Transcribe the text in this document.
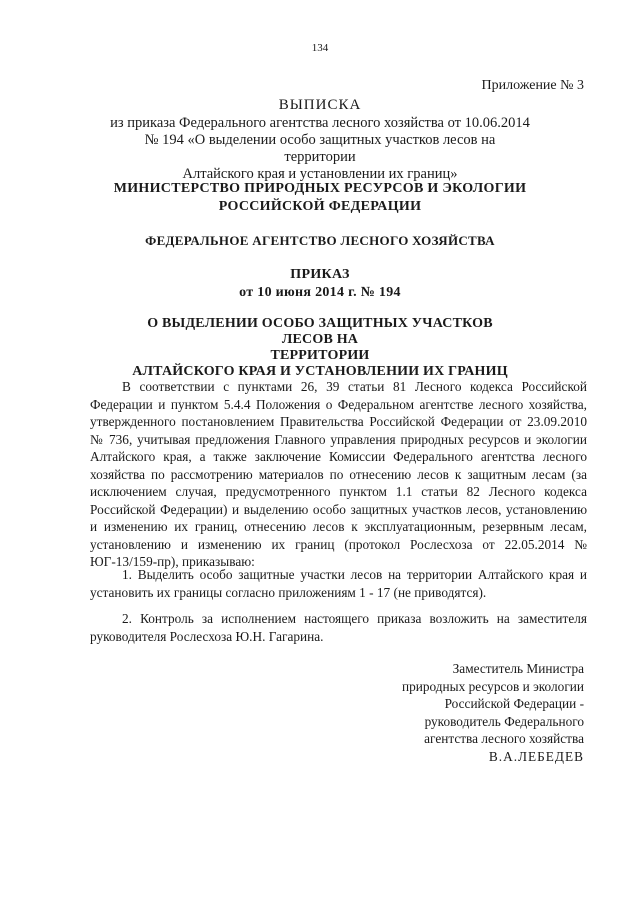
134
Приложение № 3
ВЫПИСКА
из приказа Федерального агентства лесного хозяйства от 10.06.2014
№ 194 «О выделении особо защитных участков лесов на территории
Алтайского края и установлении их границ»
МИНИСТЕРСТВО ПРИРОДНЫХ РЕСУРСОВ И ЭКОЛОГИИ
РОССИЙСКОЙ ФЕДЕРАЦИИ
ФЕДЕРАЛЬНОЕ АГЕНТСТВО ЛЕСНОГО ХОЗЯЙСТВА
ПРИКАЗ
от 10 июня 2014 г. № 194
О ВЫДЕЛЕНИИ ОСОБО ЗАЩИТНЫХ УЧАСТКОВ ЛЕСОВ НА
ТЕРРИТОРИИ
АЛТАЙСКОГО КРАЯ И УСТАНОВЛЕНИИ ИХ ГРАНИЦ

В соответствии с пунктами 26, 39 статьи 81 Лесного кодекса Российской Федерации и пунктом 5.4.4 Положения о Федеральном агентстве лесного хозяйства, утвержденного постановлением Правительства Российской Федерации от 23.09.2010 № 736, учитывая предложения Главного управления природных ресурсов и экологии Алтайского края, а также заключение Комиссии Федерального агентства лесного хозяйства по рассмотрению материалов по отнесению лесов к защитным лесам (за исключением случая, предусмотренного пунктом 1.1 статьи 82 Лесного кодекса Российской Федерации) и выделению особо защитных участков лесов, установлению и изменению их границ, отнесению лесов к эксплуатационным, резервным лесам, установлению и изменению их границ (протокол Рослесхоза от 22.05.2014 № ЮГ-13/159-пр), приказываю:

1. Выделить особо защитные участки лесов на территории Алтайского края и установить их границы согласно приложениям 1 - 17 (не приводятся).

2. Контроль за исполнением настоящего приказа возложить на заместителя руководителя Рослесхоза Ю.Н. Гагарина.

Заместитель Министра
природных ресурсов и экологии
Российской Федерации -
руководитель Федерального
агентства лесного хозяйства
В.А.ЛЕБЕДЕВ
